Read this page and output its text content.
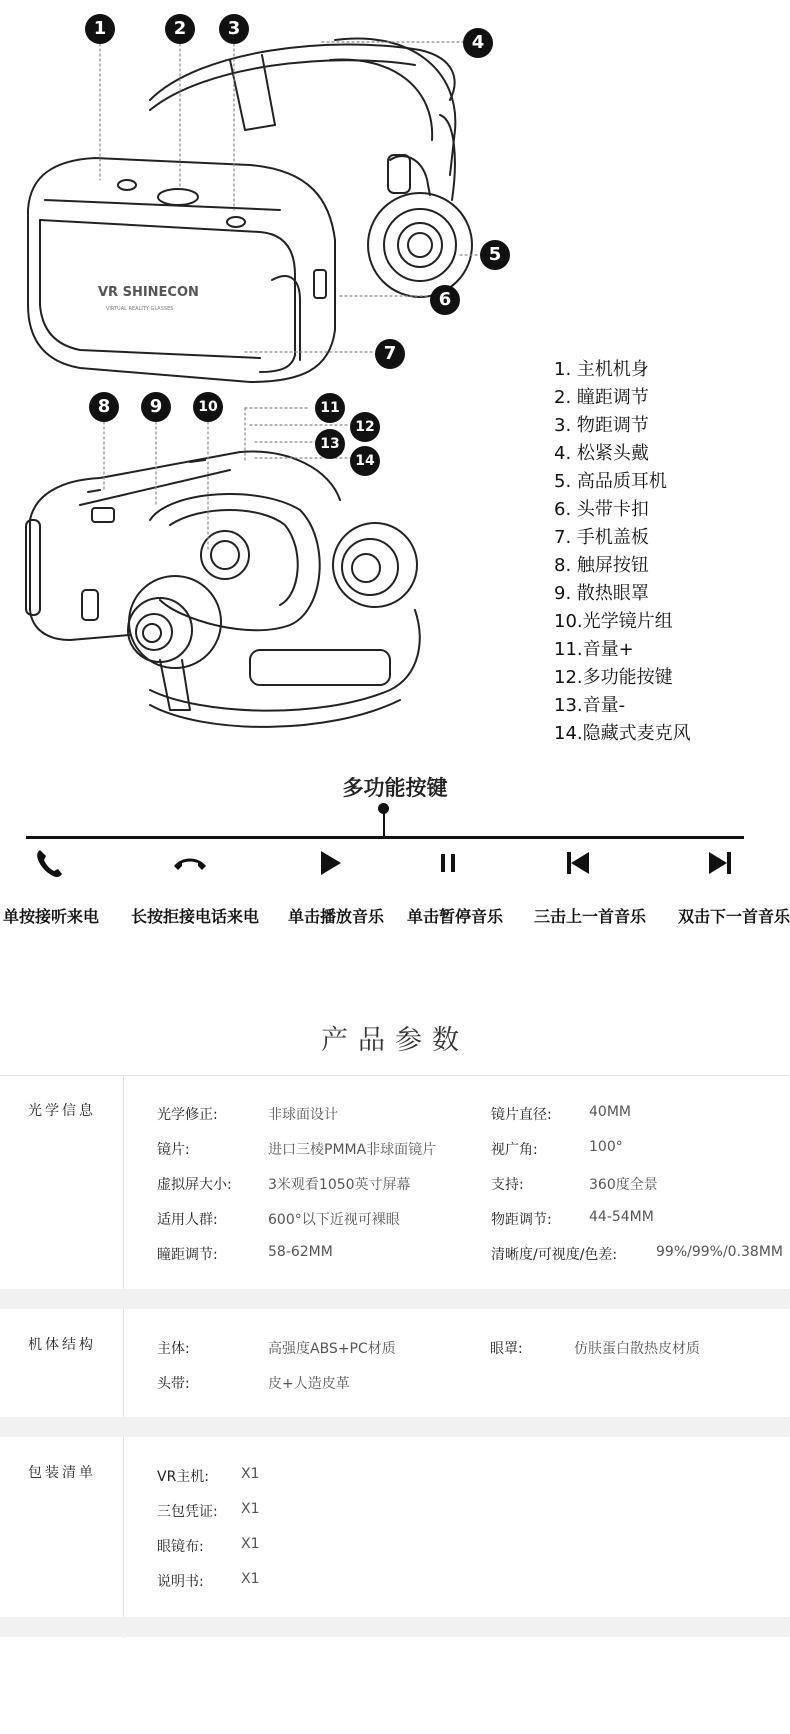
VR SHINECON
VIRTUAL REALITY GLASSES
1	2	3
4
5
6
7
8	9	10	11
12
13
14
1. 主机机身
2. 瞳距调节
3. 物距调节
4. 松紧头戴
5. 高品质耳机
6. 头带卡扣
7. 手机盖板
8. 触屏按钮
9. 散热眼罩
10.光学镜片组
11.音量+
12.多功能按键
13.音量-
14.隐藏式麦克风
多功能按键
单按接听来电 长按拒接电话来电 单击播放音乐 单击暂停音乐 三击上一首音乐 双击下一首音乐
产品参数
光学信息	光学修正:	非球面设计	镜片直径:	40MM
镜片:	进口三棱PMMA非球面镜片	视广角:	100°
虚拟屏大小:	3米观看1050英寸屏幕	支持:	360度全景
适用人群:	600°以下近视可裸眼	物距调节:	44-54MM
瞳距调节:	58-62MM	清晰度/可视度/色差:	99%/99%/0.38MM
机体结构	主体:	高强度ABS+PC材质	眼罩:	仿肤蛋白散热皮材质
头带:	皮+人造皮革
包装清单	VR主机: X1
三包凭证: X1
眼镜布:	X1
说明书:	X1
